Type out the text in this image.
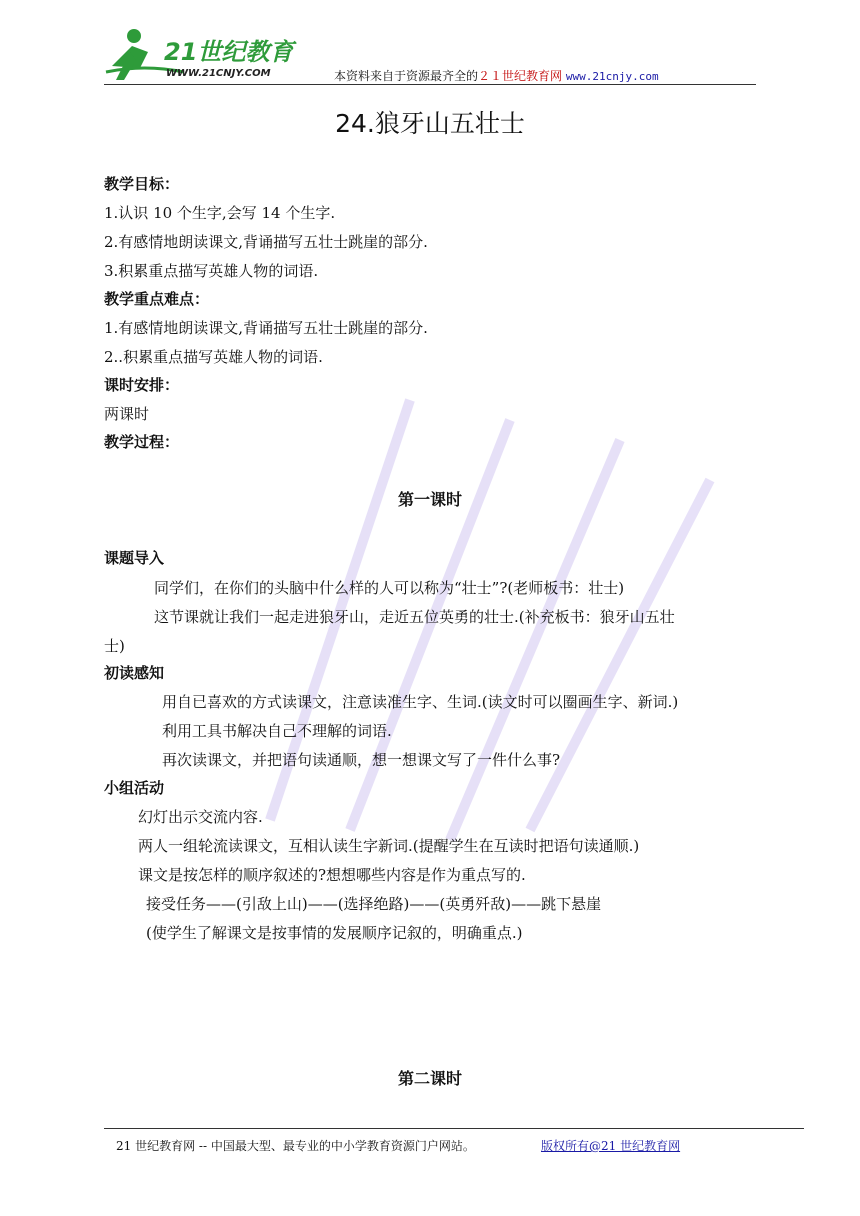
21世纪教育
WWW.21CNJY.COM	本资料来自于资源最齐全的２１世纪教育网 www.21cnjy.com
24.狼牙山五壮士
教学目标：
1.认识 10 个生字,会写 14 个生字.
2.有感情地朗读课文,背诵描写五壮士跳崖的部分.
3.积累重点描写英雄人物的词语.
教学重点难点：
1.有感情地朗读课文,背诵描写五壮士跳崖的部分.
2..积累重点描写英雄人物的词语.
课时安排：
两课时
教学过程：
第一课时
课题导入
同学们，在你们的头脑中什么样的人可以称为“壮士”?(老师板书：壮士)
这节课就让我们一起走进狼牙山，走近五位英勇的壮士.(补充板书：狼牙山五壮
士)
初读感知
用自已喜欢的方式读课文，注意读准生字、生词.(读文时可以圈画生字、新词.)
利用工具书解决自己不理解的词语.
再次读课文，并把语句读通顺，想一想课文写了一件什么事?
小组活动
幻灯出示交流内容.
两人一组轮流读课文，互相认读生字新词.(提醒学生在互读时把语句读通顺.)
课文是按怎样的顺序叙述的?想想哪些内容是作为重点写的.
接受任务——(引敌上山)——(选择绝路)——(英勇歼敌)——跳下悬崖
(使学生了解课文是按事情的发展顺序记叙的，明确重点.)
第二课时
21 世纪教育网 -- 中国最大型、最专业的中小学教育资源门户网站。	版权所有@21 世纪教育网
